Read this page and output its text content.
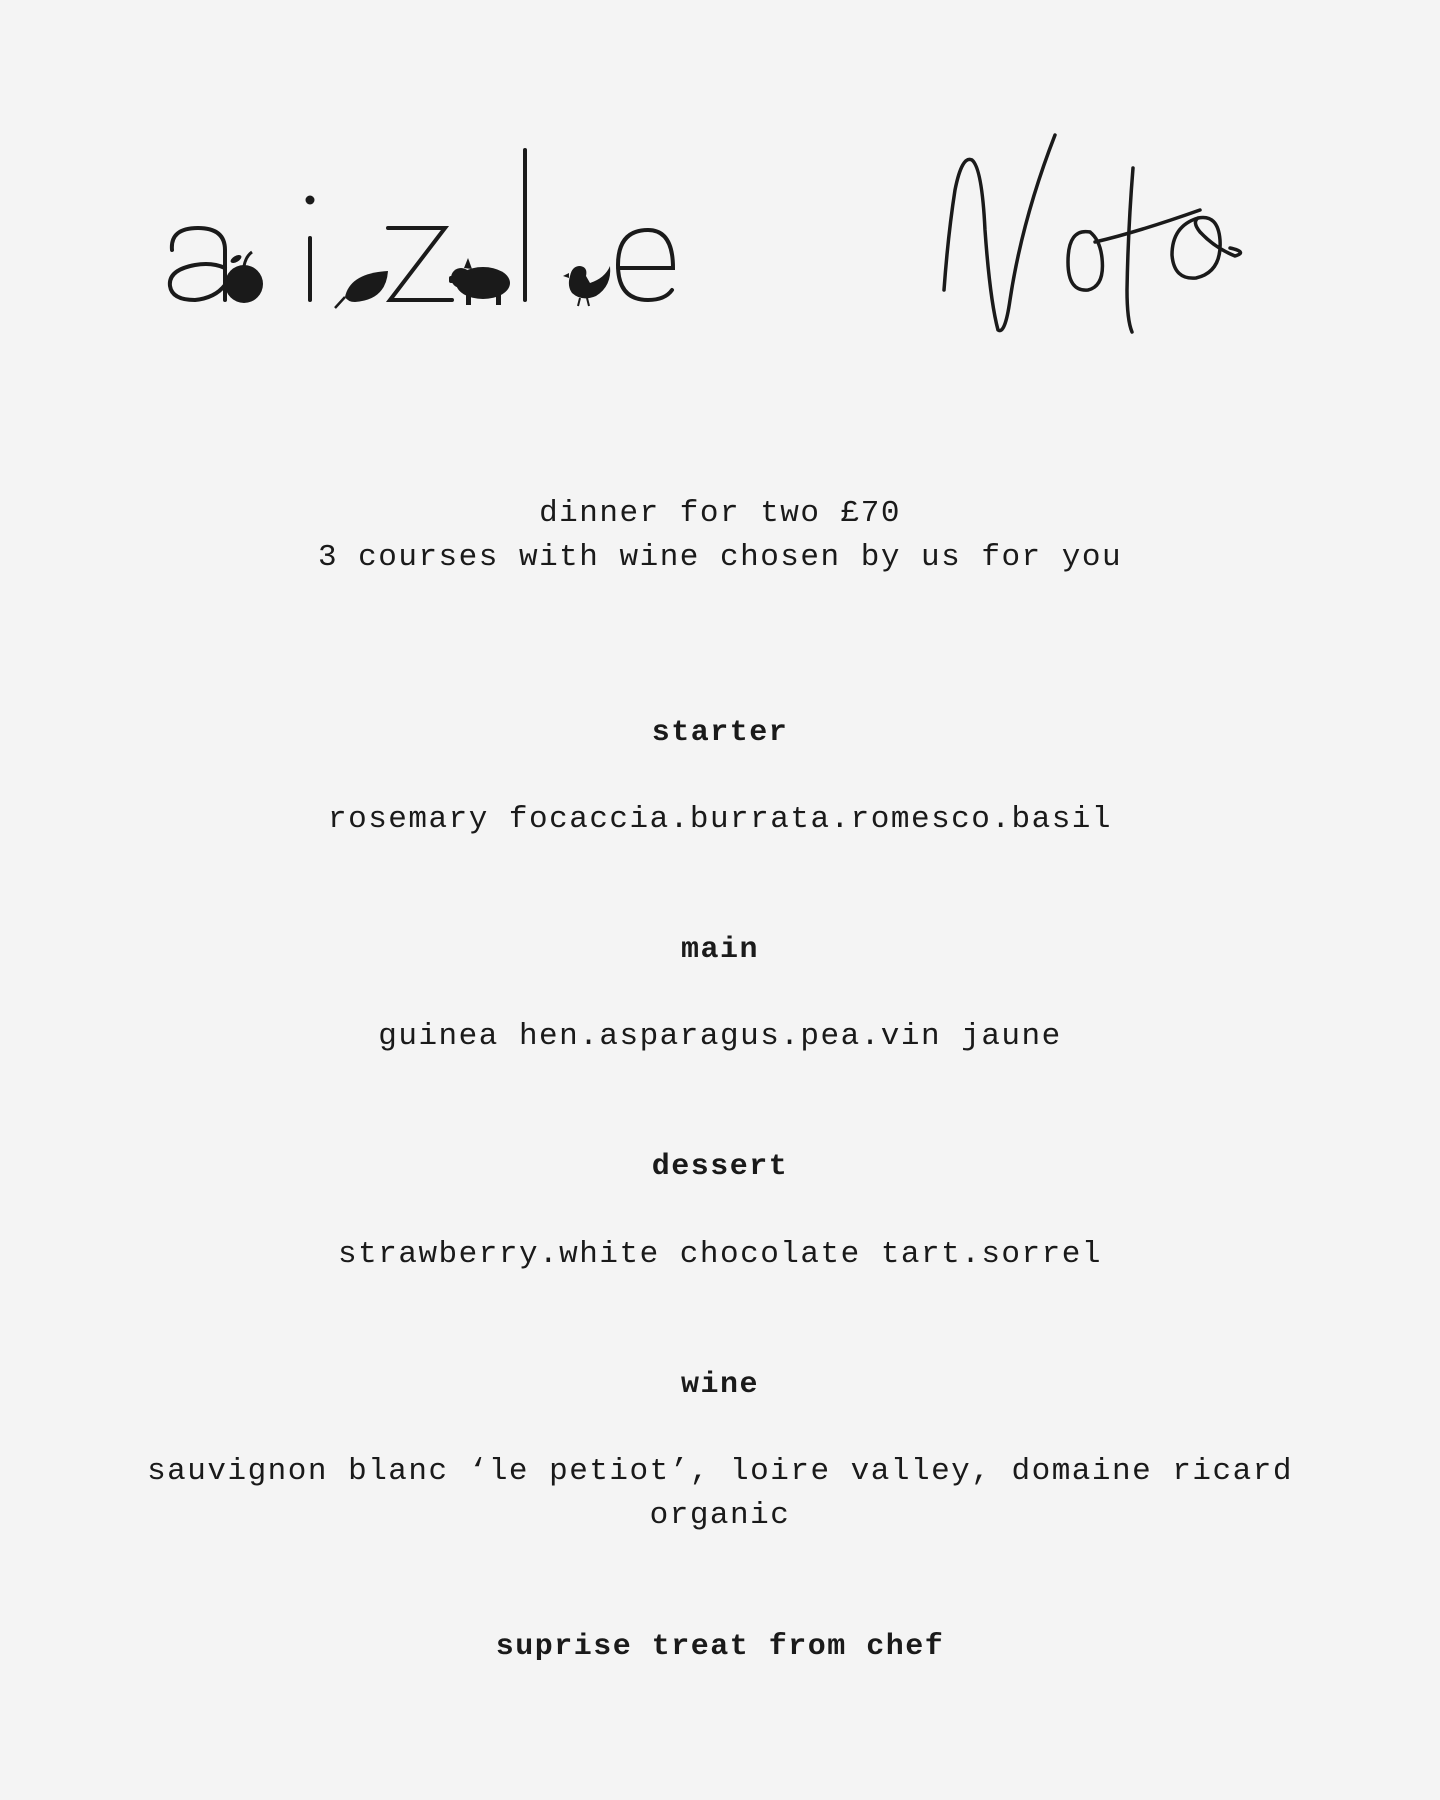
dinner for two £70
3 courses with wine chosen by us for you
starter
rosemary focaccia.burrata.romesco.basil
main
guinea hen.asparagus.pea.vin jaune
dessert
strawberry.white chocolate tart.sorrel
wine
sauvignon blanc ‘le petiot’, loire valley, domaine ricard organic
suprise treat from chef
